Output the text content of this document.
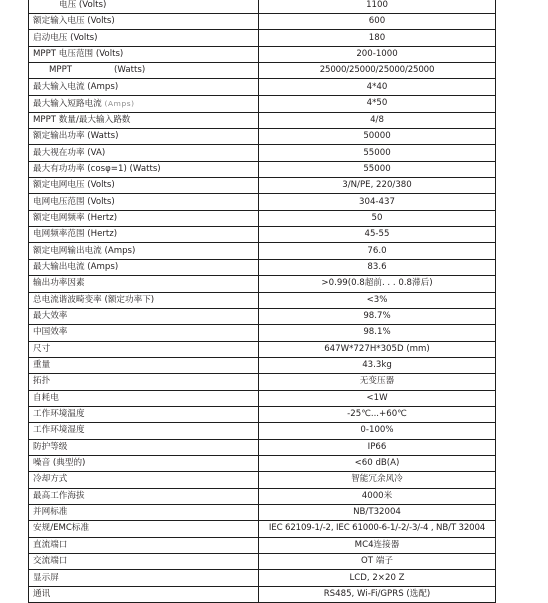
电压 (Volts)	1100
额定输入电压 (Volts)	600
启动电压 (Volts)	180
MPPT 电压范围 (Volts)	200-1000
MPPT (Watts)	25000/25000/25000/25000
最大输入电流 (Amps)	4*40
最大输入短路电流 (Amps)	4*50
MPPT 数量/最大输入路数	4/8
额定输出功率 (Watts)	50000
最大视在功率 (VA)	55000
最大有功功率 (cosφ=1) (Watts)	55000
额定电网电压 (Volts)	3/N/PE, 220/380
电网电压范围 (Volts)	304-437
额定电网频率 (Hertz)	50
电网频率范围 (Hertz)	45-55
额定电网输出电流 (Amps)	76.0
最大输出电流 (Amps)	83.6
输出功率因素	>0.99(0.8超前. . . 0.8滞后)
总电流谐波畸变率 (额定功率下)	<3%
最大效率	98.7%
中国效率	98.1%
尺寸	647W*727H*305D (mm)
重量	43.3kg
拓扑	无变压器
自耗电	<1W
工作环境温度	-25℃...+60℃
工作环境湿度	0-100%
防护等级	IP66
噪音 (典型的)	<60 dB(A)
冷却方式	智能冗余风冷
最高工作海拔	4000米
并网标准	NB/T32004
安规/EMC标准	IEC 62109-1/-2, IEC 61000-6-1/-2/-3/-4 , NB/T 32004
直流端口	MC4连接器
交流端口	OT 端子
显示屏	LCD, 2×20 Z
通讯	RS485, Wi-Fi/GPRS (选配)
